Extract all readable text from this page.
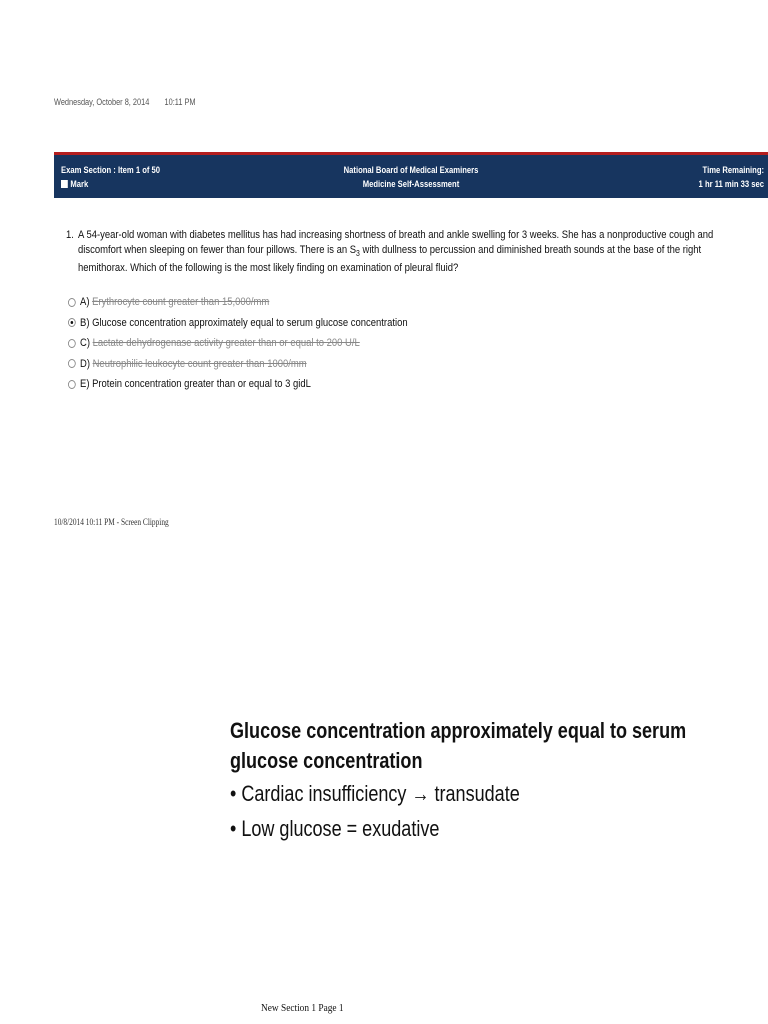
Wednesday, October 8, 2014 10:11 PM
Exam Section : Item 1 of 50
Mark
National Board of Medical Examiners
Medicine Self-Assessment
Time Remaining:
1 hr 11 min 33 sec
1. A 54-year-old woman with diabetes mellitus has had increasing shortness of breath and ankle swelling for 3 weeks. She has a nonproductive cough and discomfort when sleeping on fewer than four pillows. There is an $S_3$ with dullness to percussion and diminished breath sounds at the base of the right hemithorax. Which of the following is the most likely finding on examination of pleural fluid?
A) Erythrocyte count greater than 15,000/mm
B) Glucose concentration approximately equal to serum glucose concentration
C) Lactate dehydrogenase activity greater than or equal to 200 U/L
D) Neutrophilic leukocyte count greater than 1000/mm
E) Protein concentration greater than or equal to 3 gidL
10/8/2014 10:11 PM - Screen Clipping
Glucose concentration approximately equal to serum glucose concentration
• Cardiac insufficiency → transudate
• Low glucose = exudative
New Section 1 Page 1
